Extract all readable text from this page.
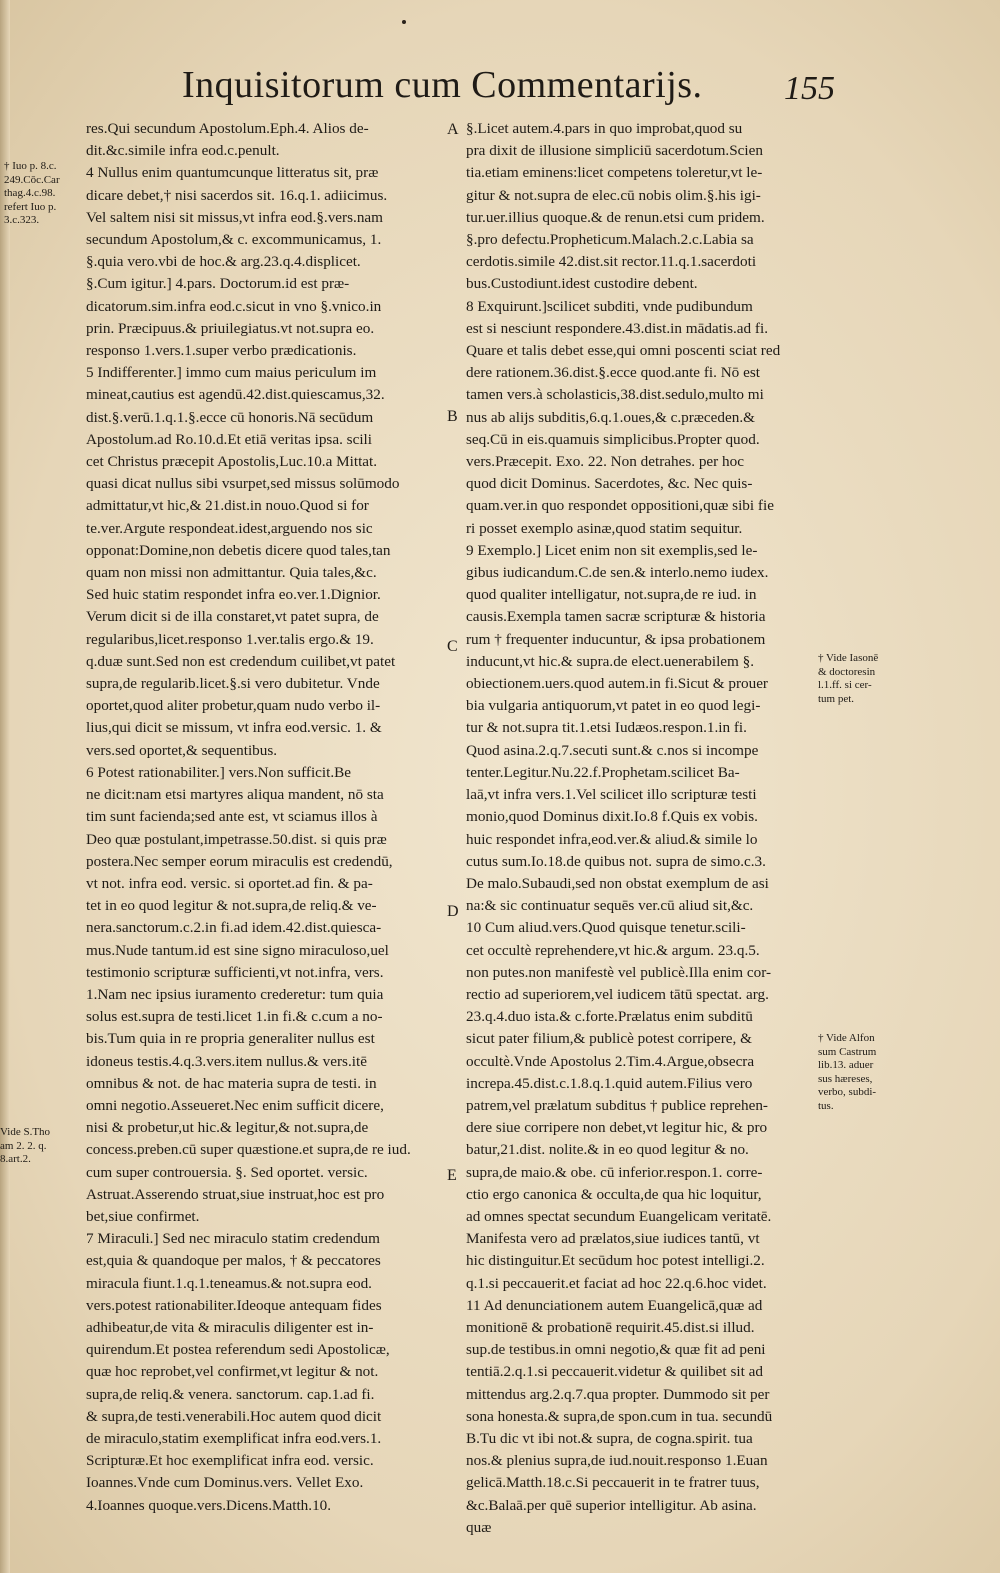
Inquisitorum cum Commentarijs. 155

res.Qui secundum Apostolum.Eph.4. Alios de-

dit.&c.simile infra eod.c.penult.

4 Nullus enim quantumcunque litteratus sit, præ

dicare debet,† nisi sacerdos sit. 16.q.1. adiicimus.

Vel saltem nisi sit missus,vt infra eod.§.vers.nam

secundum Apostolum,& c. excommunicamus, 1.

§.quia vero.vbi de hoc.& arg.23.q.4.displicet.

§.Cum igitur.] 4.pars. Doctorum.id est præ-

dicatorum.sim.infra eod.c.sicut in vno §.vnico.in

prin. Præcipuus.& priuilegiatus.vt not.supra eo.

responso 1.vers.1.super verbo prædicationis.

5 Indifferenter.] immo cum maius periculum im

mineat,cautius est agendū.42.dist.quiescamus,32.

dist.§.verū.1.q.1.§.ecce cū honoris.Nā secūdum

Apostolum.ad Ro.10.d.Et etiā veritas ipsa. scili

cet Christus præcepit Apostolis,Luc.10.a Mittat.

quasi dicat nullus sibi vsurpet,sed missus solūmodo

admittatur,vt hic,& 21.dist.in nouo.Quod si for

te.ver.Argute respondeat.idest,arguendo nos sic

opponat:Domine,non debetis dicere quod tales,tan

quam non missi non admittantur. Quia tales,&c.

Sed huic statim respondet infra eo.ver.1.Dignior.

Verum dicit si de illa constaret,vt patet supra, de

regularibus,licet.responso 1.ver.talis ergo.& 19.

q.duæ sunt.Sed non est credendum cuilibet,vt patet

supra,de regularib.licet.§.si vero dubitetur. Vnde

oportet,quod aliter probetur,quam nudo verbo il-

lius,qui dicit se missum, vt infra eod.versic. 1. &

vers.sed oportet,& sequentibus.

6 Potest rationabiliter.] vers.Non sufficit.Be

ne dicit:nam etsi martyres aliqua mandent, nō sta

tim sunt facienda;sed ante est, vt sciamus illos à

Deo quæ postulant,impetrasse.50.dist. si quis præ

postera.Nec semper eorum miraculis est credendū,

vt not. infra eod. versic. si oportet.ad fin. & pa-

tet in eo quod legitur & not.supra,de reliq.& ve-

nera.sanctorum.c.2.in fi.ad idem.42.dist.quiesca-

mus.Nude tantum.id est sine signo miraculoso,uel

testimonio scripturæ sufficienti,vt not.infra, vers.

1.Nam nec ipsius iuramento crederetur: tum quia

solus est.supra de testi.licet 1.in fi.& c.cum a no-

bis.Tum quia in re propria generaliter nullus est

idoneus testis.4.q.3.vers.item nullus.& vers.itē

omnibus & not. de hac materia supra de testi. in

omni negotio.Asseueret.Nec enim sufficit dicere,

nisi & probetur,ut hic.& legitur,& not.supra,de

concess.preben.cū super quæstione.et supra,de re iud.

cum super controuersia. §. Sed oportet. versic.

Astruat.Asserendo struat,siue instruat,hoc est pro

bet,siue confirmet.

7 Miraculi.] Sed nec miraculo statim credendum

est,quia & quandoque per malos, † & peccatores

miracula fiunt.1.q.1.teneamus.& not.supra eod.

vers.potest rationabiliter.Ideoque antequam fides

adhibeatur,de vita & miraculis diligenter est in-

quirendum.Et postea referendum sedi Apostolicæ,

quæ hoc reprobet,vel confirmet,vt legitur & not.

supra,de reliq.& venera. sanctorum. cap.1.ad fi.

& supra,de testi.venerabili.Hoc autem quod dicit

de miraculo,statim exemplificat infra eod.vers.1.

Scripturæ.Et hoc exemplificat infra eod. versic.

Ioannes.Vnde cum Dominus.vers. Vellet Exo.

4.Ioannes quoque.vers.Dicens.Matth.10.

§.Licet autem.4.pars in quo improbat,quod su

pra dixit de illusione simpliciū sacerdotum.Scien

tia.etiam eminens:licet competens toleretur,vt le-

gitur & not.supra de elec.cū nobis olim.§.his igi-

tur.uer.illius quoque.& de renun.etsi cum pridem.

§.pro defectu.Propheticum.Malach.2.c.Labia sa

cerdotis.simile 42.dist.sit rector.11.q.1.sacerdoti

bus.Custodiunt.idest custodire debent.

8 Exquirunt.]scilicet subditi, vnde pudibundum

est si nesciunt respondere.43.dist.in mādatis.ad fi.

Quare et talis debet esse,qui omni poscenti sciat red

dere rationem.36.dist.§.ecce quod.ante fi. Nō est

tamen vers.à scholasticis,38.dist.sedulo,multo mi

nus ab alijs subditis,6.q.1.oues,& c.præceden.&

seq.Cū in eis.quamuis simplicibus.Propter quod.

vers.Præcepit. Exo. 22. Non detrahes. per hoc

quod dicit Dominus. Sacerdotes, &c. Nec quis-

quam.ver.in quo respondet oppositioni,quæ sibi fie

ri posset exemplo asinæ,quod statim sequitur.

9 Exemplo.] Licet enim non sit exemplis,sed le-

gibus iudicandum.C.de sen.& interlo.nemo iudex.

quod qualiter intelligatur, not.supra,de re iud. in

causis.Exempla tamen sacræ scripturæ & historia

rum † frequenter inducuntur, & ipsa probationem

inducunt,vt hic.& supra.de elect.uenerabilem §.

obiectionem.uers.quod autem.in fi.Sicut & prouer

bia vulgaria antiquorum,vt patet in eo quod legi-

tur & not.supra tit.1.etsi Iudæos.respon.1.in fi.

Quod asina.2.q.7.secuti sunt.& c.nos si incompe

tenter.Legitur.Nu.22.f.Prophetam.scilicet Ba-

laā,vt infra vers.1.Vel scilicet illo scripturæ testi

monio,quod Dominus dixit.Io.8 f.Quis ex vobis.

huic respondet infra,eod.ver.& aliud.& simile lo

cutus sum.Io.18.de quibus not. supra de simo.c.3.

De malo.Subaudi,sed non obstat exemplum de asi

na:& sic continuatur sequēs ver.cū aliud sit,&c.

10 Cum aliud.vers.Quod quisque tenetur.scili-

cet occultè reprehendere,vt hic.& argum. 23.q.5.

non putes.non manifestè vel publicè.Illa enim cor-

rectio ad superiorem,vel iudicem tātū spectat. arg.

23.q.4.duo ista.& c.forte.Prælatus enim subditū

sicut pater filium,& publicè potest corripere, &

occultè.Vnde Apostolus 2.Tim.4.Argue,obsecra

increpa.45.dist.c.1.8.q.1.quid autem.Filius vero

patrem,vel prælatum subditus † publice reprehen-

dere siue corripere non debet,vt legitur hic, & pro

batur,21.dist. nolite.& in eo quod legitur & no.

supra,de maio.& obe. cū inferior.respon.1. corre-

ctio ergo canonica & occulta,de qua hic loquitur,

ad omnes spectat secundum Euangelicam veritatē.

Manifesta vero ad prælatos,siue iudices tantū, vt

hic distinguitur.Et secūdum hoc potest intelligi.2.

q.1.si peccauerit.et faciat ad hoc 22.q.6.hoc videt.

11 Ad denunciationem autem Euangelicā,quæ ad

monitionē & probationē requirit.45.dist.si illud.

sup.de testibus.in omni negotio,& quæ fit ad peni

tentiā.2.q.1.si peccauerit.videtur & quilibet sit ad

mittendus arg.2.q.7.qua propter. Dummodo sit per

sona honesta.& supra,de spon.cum in tua. secundū

B.Tu dic vt ibi not.& supra, de cogna.spirit. tua

nos.& plenius supra,de iud.nouit.responso 1.Euan

gelicā.Matth.18.c.Si peccauerit in te fratrer tuus,

&c.Balaā.per quē superior intelligitur. Ab asina.

quæ

A
B
C
D
E
† Iuo p. 8.c.
249.Cōc.Car
thag.4.c.98.
refert Iuo p.
3.c.323.
Vide S.Tho
am 2. 2. q.
8.art.2.
† Vide Iasonē
& doctoresin
l.1.ff. si cer-
tum pet.
† Vide Alfon
sum Castrum
lib.13. aduer
sus hæreses,
verbo, subdi-
tus.
